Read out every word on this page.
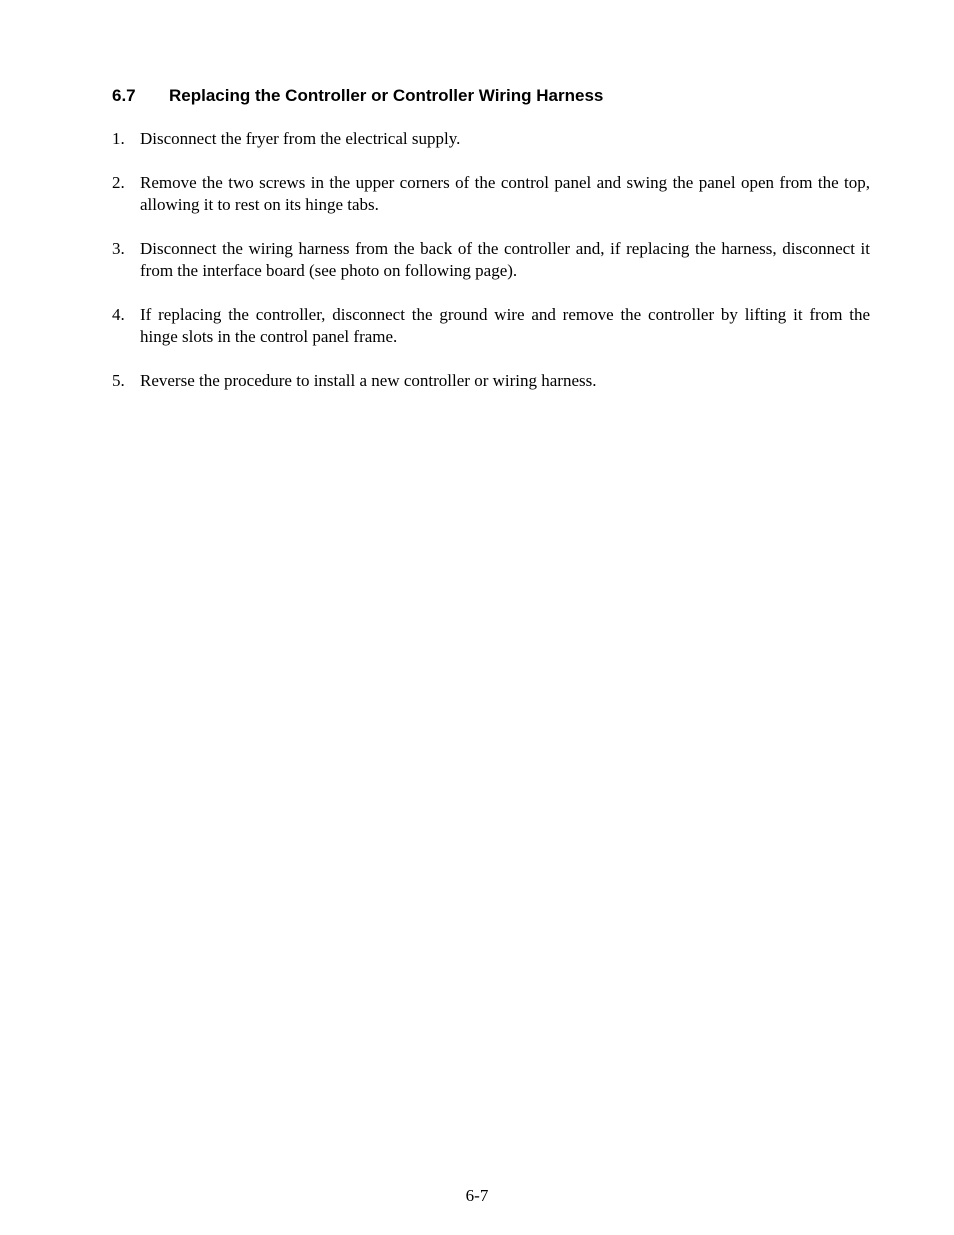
6.7 Replacing the Controller or Controller Wiring Harness
1. Disconnect the fryer from the electrical supply.
2. Remove the two screws in the upper corners of the control panel and swing the panel open from the top, allowing it to rest on its hinge tabs.
3. Disconnect the wiring harness from the back of the controller and, if replacing the harness, disconnect it from the interface board (see photo on following page).
4. If replacing the controller, disconnect the ground wire and remove the controller by lifting it from the hinge slots in the control panel frame.
5. Reverse the procedure to install a new controller or wiring harness.
6-7
